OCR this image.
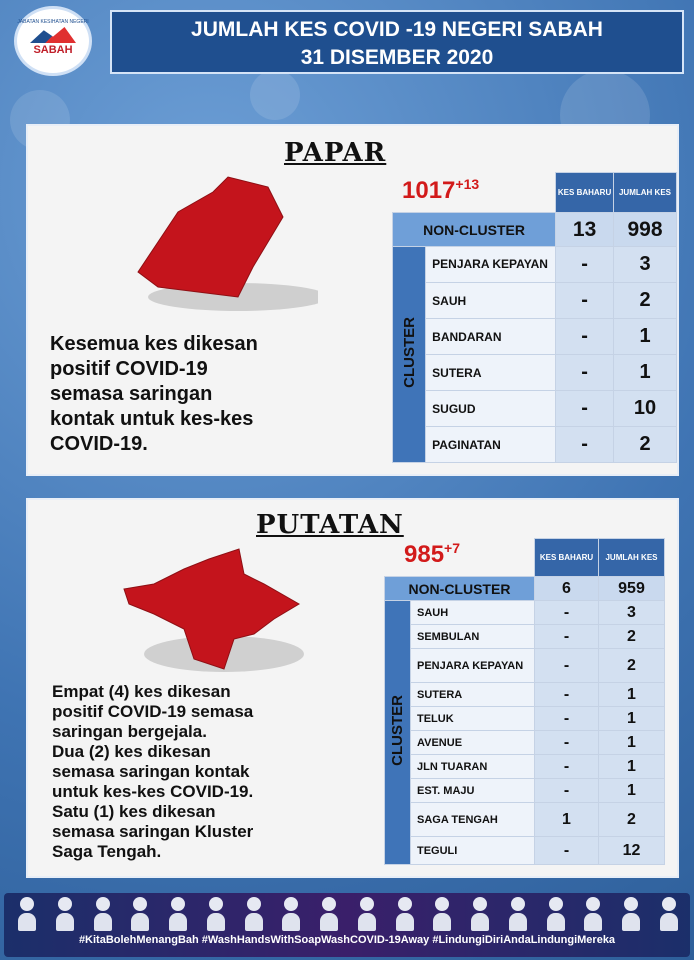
JABATAN KESIHATAN NEGERI
SABAH
JUMLAH KES COVID -19 NEGERI SABAH
31 DISEMBER 2020
PAPAR
$1017^{+13}$
Kesemua kes dikesan
positif COVID-19
semasa saringan
kontak untuk kes-kes
COVID-19.
		KES BAHARU	JUMLAH KES
NON-CLUSTER		13	998
CLUSTER	PENJARA KEPAYAN	-	3
	SAUH	-	2
	BANDARAN	-	1
	SUTERA	-	1
	SUGUD	-	10
	PAGINATAN	-	2
PUTATAN
$985^{+7}$
Empat (4) kes dikesan
positif COVID-19 semasa
saringan bergejala.
Dua (2) kes dikesan
semasa saringan kontak
untuk kes-kes COVID-19.
Satu (1) kes dikesan
semasa saringan Kluster
Saga Tengah.
		KES BAHARU	JUMLAH KES
NON-CLUSTER		6	959
CLUSTER	SAUH	-	3
	SEMBULAN	-	2
	PENJARA KEPAYAN	-	2
	SUTERA	-	1
	TELUK	-	1
	AVENUE	-	1
	JLN TUARAN	-	1
	EST. MAJU	-	1
	SAGA TENGAH	1	2
	TEGULI	-	12
#KitaBolehMenangBah #WashHandsWithSoapWashCOVID-19Away #LindungiDiriAndaLindungiMereka
